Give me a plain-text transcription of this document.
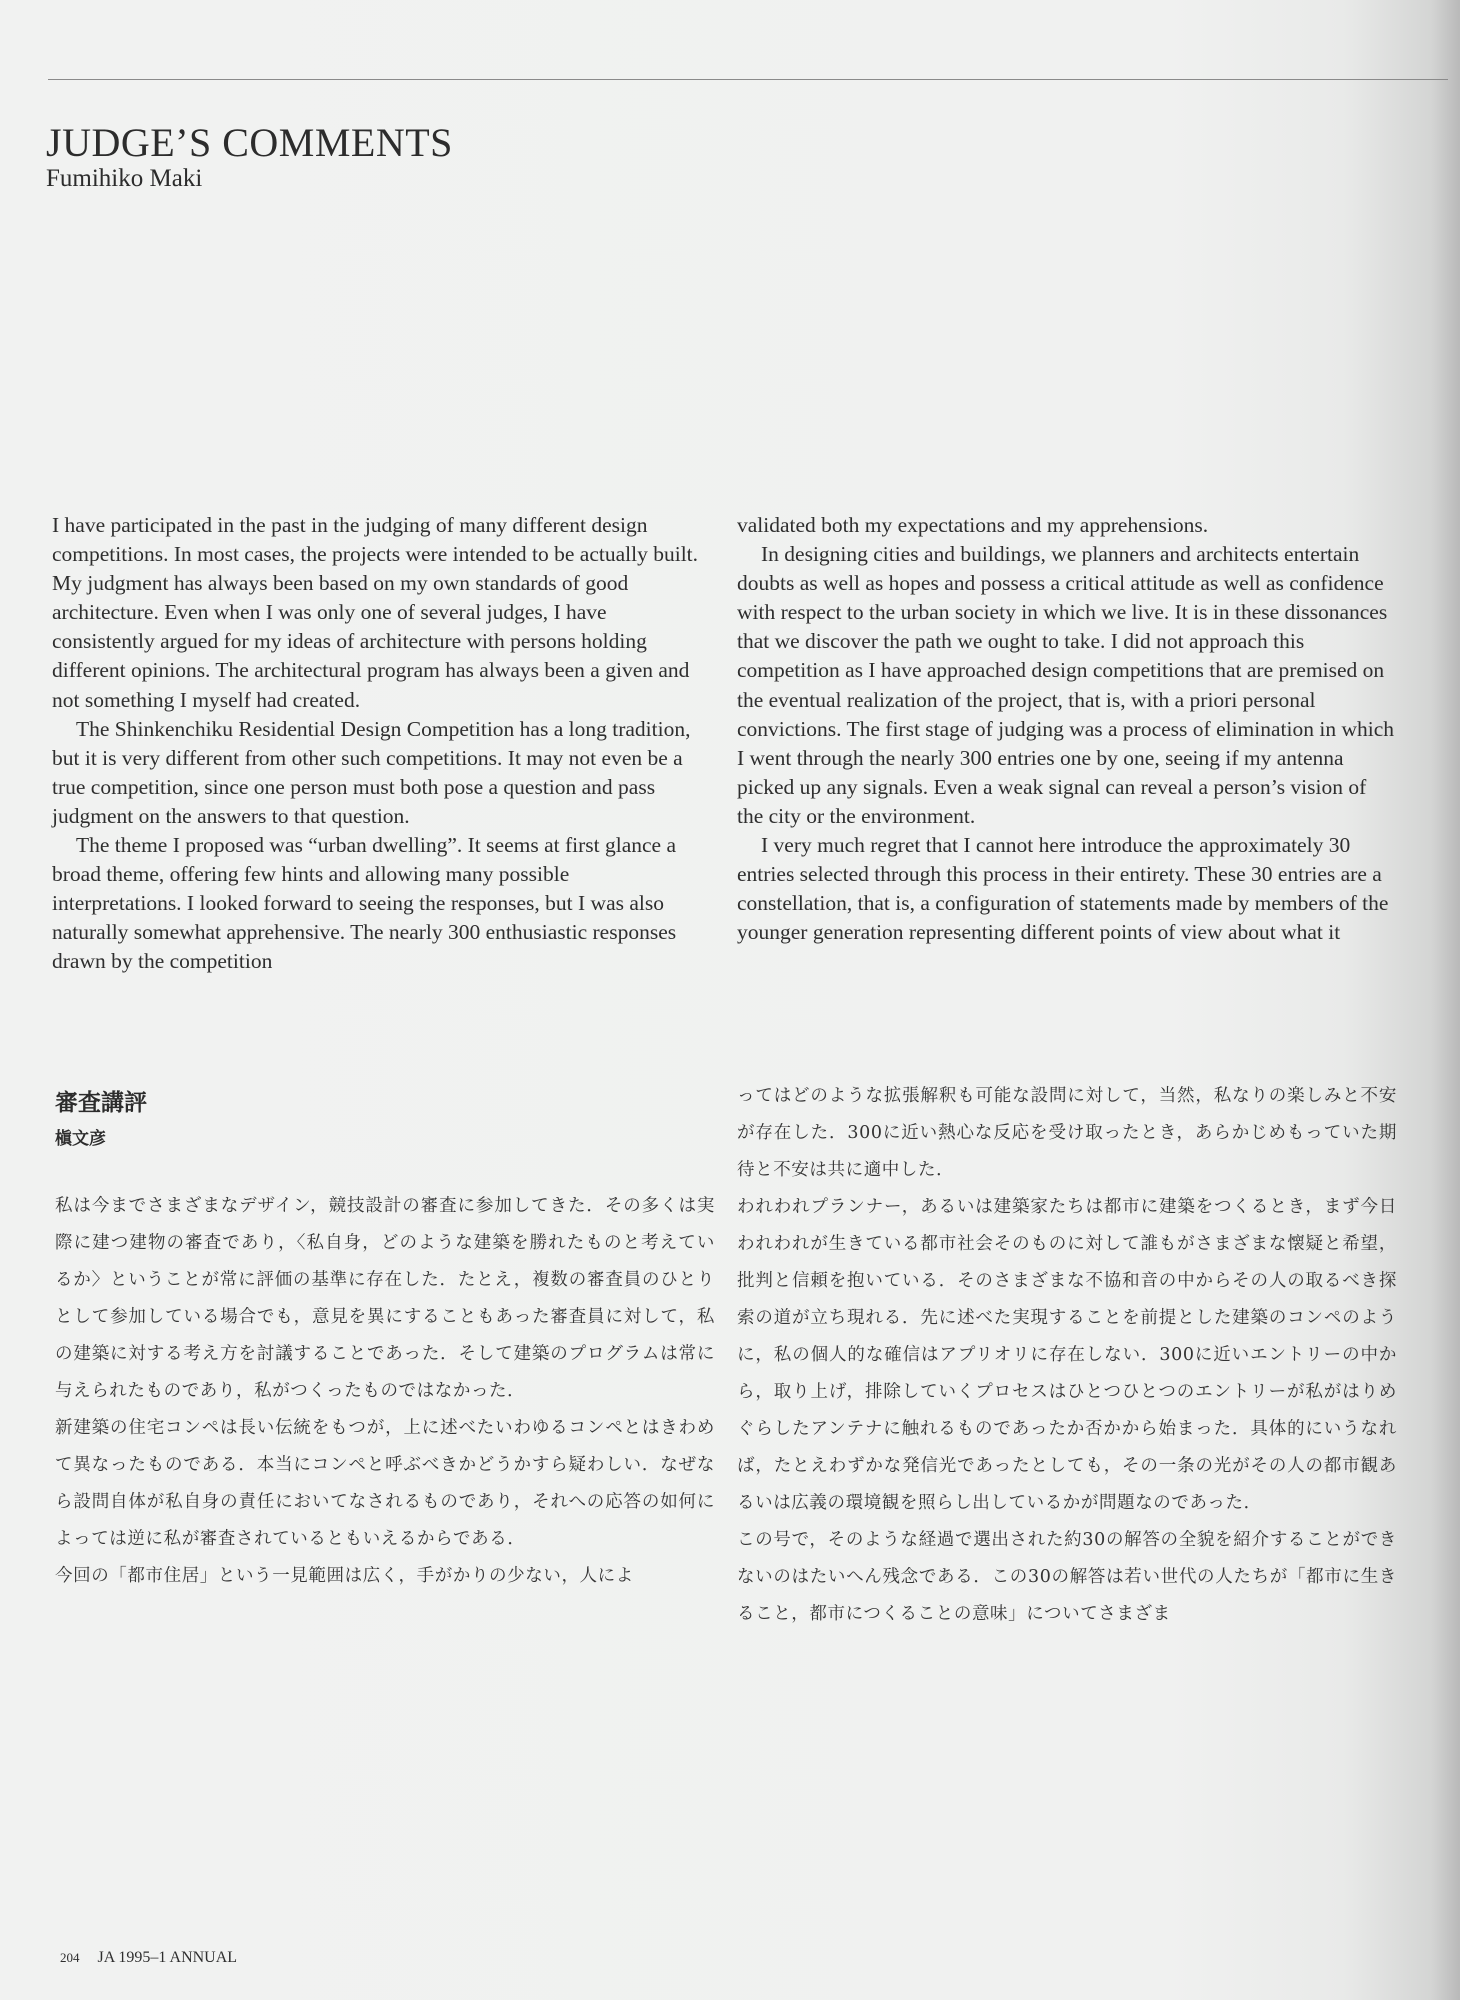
JUDGE’S COMMENTS
Fumihiko Maki

I have participated in the past in the judging of many different design competitions. In most cases, the projects were intended to be actually built. My judgment has always been based on my own standards of good architecture. Even when I was only one of several judges, I have consistently argued for my ideas of architecture with persons holding different opinions. The architectural program has always been a given and not something I myself had created.

The Shinkenchiku Residential Design Competition has a long tradition, but it is very different from other such competitions. It may not even be a true competition, since one person must both pose a question and pass judgment on the answers to that question.

The theme I proposed was “urban dwelling”. It seems at first glance a broad theme, offering few hints and allowing many possible interpretations. I looked forward to seeing the responses, but I was also naturally somewhat apprehensive. The nearly 300 enthusiastic responses drawn by the competition

validated both my expectations and my apprehensions.

In designing cities and buildings, we planners and architects entertain doubts as well as hopes and possess a critical attitude as well as confidence with respect to the urban society in which we live. It is in these dissonances that we discover the path we ought to take. I did not approach this competition as I have approached design competitions that are premised on the eventual realization of the project, that is, with a priori personal convictions. The first stage of judging was a process of elimination in which I went through the nearly 300 entries one by one, seeing if my antenna picked up any signals. Even a weak signal can reveal a person’s vision of the city or the environment.

I very much regret that I cannot here introduce the approximately 30 entries selected through this process in their entirety. These 30 entries are a constellation, that is, a configuration of statements made by members of the younger generation representing different points of view about what it

審査講評
槇文彦

私は今までさまざまなデザイン，競技設計の審査に参加してきた．その多くは実際に建つ建物の審査であり，〈私自身，どのような建築を勝れたものと考えているか〉ということが常に評価の基準に存在した．たとえ，複数の審査員のひとりとして参加している場合でも，意見を異にすることもあった審査員に対して，私の建築に対する考え方を討議することであった．そして建築のプログラムは常に与えられたものであり，私がつくったものではなかった．

新建築の住宅コンペは長い伝統をもつが，上に述べたいわゆるコンペとはきわめて異なったものである．本当にコンペと呼ぶべきかどうかすら疑わしい．なぜなら設問自体が私自身の責任においてなされるものであり，それへの応答の如何によっては逆に私が審査されているともいえるからである．

今回の「都市住居」という一見範囲は広く，手がかりの少ない，人によ

ってはどのような拡張解釈も可能な設問に対して，当然，私なりの楽しみと不安が存在した．300に近い熱心な反応を受け取ったとき，あらかじめもっていた期待と不安は共に適中した．

われわれプランナー，あるいは建築家たちは都市に建築をつくるとき，まず今日われわれが生きている都市社会そのものに対して誰もがさまざまな懐疑と希望，批判と信頼を抱いている．そのさまざまな不協和音の中からその人の取るべき探索の道が立ち現れる．先に述べた実現することを前提とした建築のコンペのように，私の個人的な確信はアプリオリに存在しない．300に近いエントリーの中から，取り上げ，排除していくプロセスはひとつひとつのエントリーが私がはりめぐらしたアンテナに触れるものであったか否かから始まった．具体的にいうなれば，たとえわずかな発信光であったとしても，その一条の光がその人の都市観あるいは広義の環境観を照らし出しているかが問題なのであった．

この号で，そのような経過で選出された約30の解答の全貌を紹介することができないのはたいへん残念である．この30の解答は若い世代の人たちが「都市に生きること，都市につくることの意味」についてさまざま

204 JA 1995–1 ANNUAL
